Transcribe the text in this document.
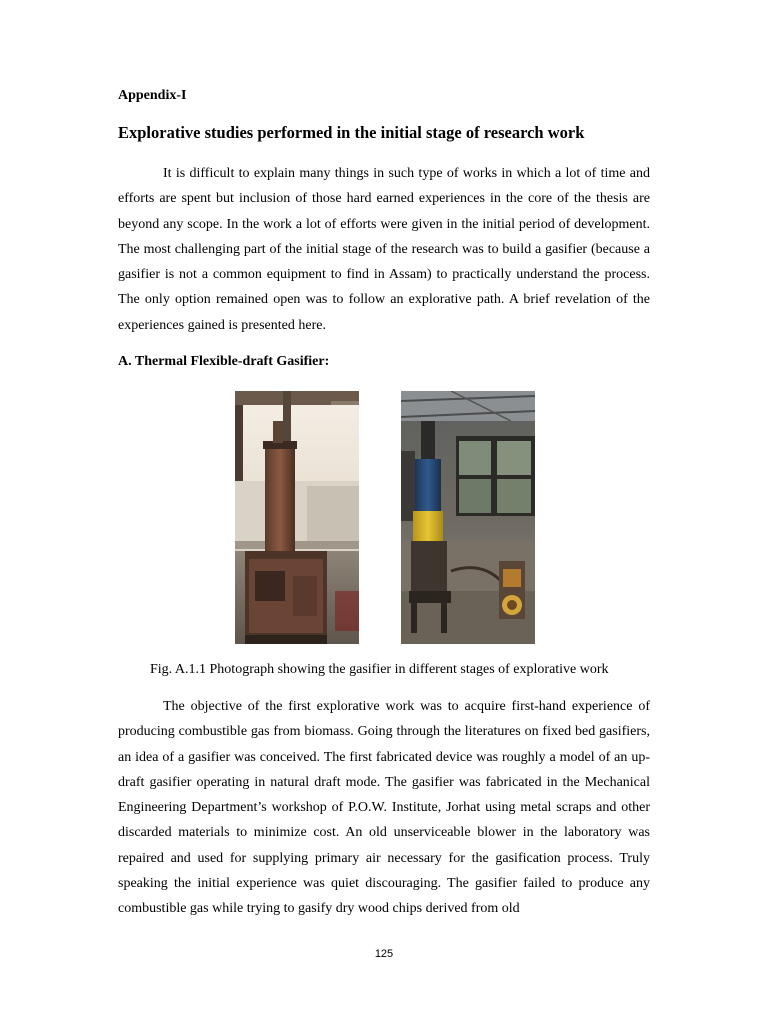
Appendix-I
Explorative studies performed in the initial stage of research work

It is difficult to explain many things in such type of works in which a lot of time and efforts are spent but inclusion of those hard earned experiences in the core of the thesis are beyond any scope. In the work a lot of efforts were given in the initial period of development. The most challenging part of the initial stage of the research was to build a gasifier (because a gasifier is not a common equipment to find in Assam) to practically understand the process. The only option remained open was to follow an explorative path. A brief revelation of the experiences gained is presented here.

A. Thermal Flexible-draft Gasifier:
Fig. A.1.1 Photograph showing the gasifier in different stages of explorative work

The objective of the first explorative work was to acquire first-hand experience of producing combustible gas from biomass. Going through the literatures on fixed bed gasifiers, an idea of a gasifier was conceived. The first fabricated device was roughly a model of an up-draft gasifier operating in natural draft mode. The gasifier was fabricated in the Mechanical Engineering Department’s workshop of P.O.W. Institute, Jorhat using metal scraps and other discarded materials to minimize cost. An old unserviceable blower in the laboratory was repaired and used for supplying primary air necessary for the gasification process. Truly speaking the initial experience was quiet discouraging. The gasifier failed to produce any combustible gas while trying to gasify dry wood chips derived from old

125
